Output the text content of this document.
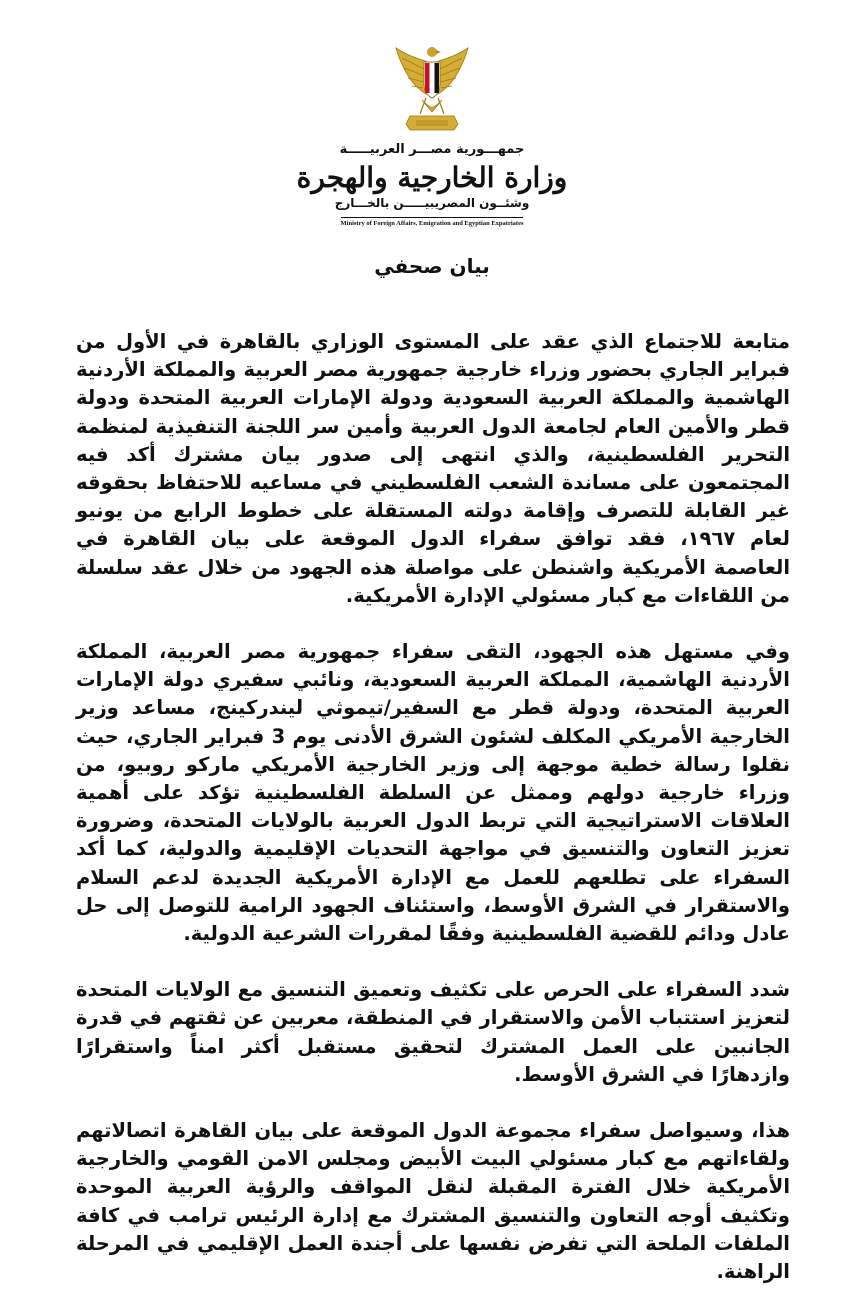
جمهـــورية مصـــر العربيـــــة
وزارة الخارجية والهجرة
وشئــون المصريبيـــــن بالخـــارج
Ministry of Foreign Affairs, Emigration and Egyptian Expatriates
بيان صحفي

متابعة للاجتماع الذي عقد على المستوى الوزاري بالقاهرة في الأول من فبراير الجاري بحضور وزراء خارجية جمهورية مصر العربية والمملكة الأردنية الهاشمية والمملكة العربية السعودية ودولة الإمارات العربية المتحدة ودولة قطر والأمين العام لجامعة الدول العربية وأمين سر اللجنة التنفيذية لمنظمة التحرير الفلسطينية، والذي انتهى إلى صدور بيان مشترك أكد فيه المجتمعون على مساندة الشعب الفلسطيني في مساعيه للاحتفاظ بحقوقه غير القابلة للتصرف وإقامة دولته المستقلة على خطوط الرابع من يونيو لعام ١٩٦٧، فقد توافق سفراء الدول الموقعة على بيان القاهرة في العاصمة الأمريكية واشنطن على مواصلة هذه الجهود من خلال عقد سلسلة من اللقاءات مع كبار مسئولي الإدارة الأمريكية.

وفي مستهل هذه الجهود، التقى سفراء جمهورية مصر العربية، المملكة الأردنية الهاشمية، المملكة العربية السعودية، ونائبي سفيري دولة الإمارات العربية المتحدة، ودولة قطر مع السفير/تيموثي ليندركينج، مساعد وزير الخارجية الأمريكي المكلف لشئون الشرق الأدنى يوم 3 فبراير الجاري، حيث نقلوا رسالة خطية موجهة إلى وزير الخارجية الأمريكي ماركو روبيو، من وزراء خارجية دولهم وممثل عن السلطة الفلسطينية تؤكد على أهمية العلاقات الاستراتيجية التي تربط الدول العربية بالولايات المتحدة، وضرورة تعزيز التعاون والتنسيق في مواجهة التحديات الإقليمية والدولية، كما أكد السفراء على تطلعهم للعمل مع الإدارة الأمريكية الجديدة لدعم السلام والاستقرار في الشرق الأوسط، واستئناف الجهود الرامية للتوصل إلى حل عادل ودائم للقضية الفلسطينية وفقًا لمقررات الشرعية الدولية.

شدد السفراء على الحرص على تكثيف وتعميق التنسيق مع الولايات المتحدة لتعزيز استتباب الأمن والاستقرار في المنطقة، معربين عن ثقتهم في قدرة الجانبين على العمل المشترك لتحقيق مستقبل أكثر امناً واستقرارًا وازدهارًا في الشرق الأوسط.

هذا، وسيواصل سفراء مجموعة الدول الموقعة على بيان القاهرة اتصالاتهم ولقاءاتهم مع كبار مسئولي البيت الأبيض ومجلس الامن القومي والخارجية الأمريكية خلال الفترة المقبلة لنقل المواقف والرؤية العربية الموحدة وتكثيف أوجه التعاون والتنسيق المشترك مع إدارة الرئيس ترامب في كافة الملفات الملحة التي تفرض نفسها على أجندة العمل الإقليمي في المرحلة الراهنة.
